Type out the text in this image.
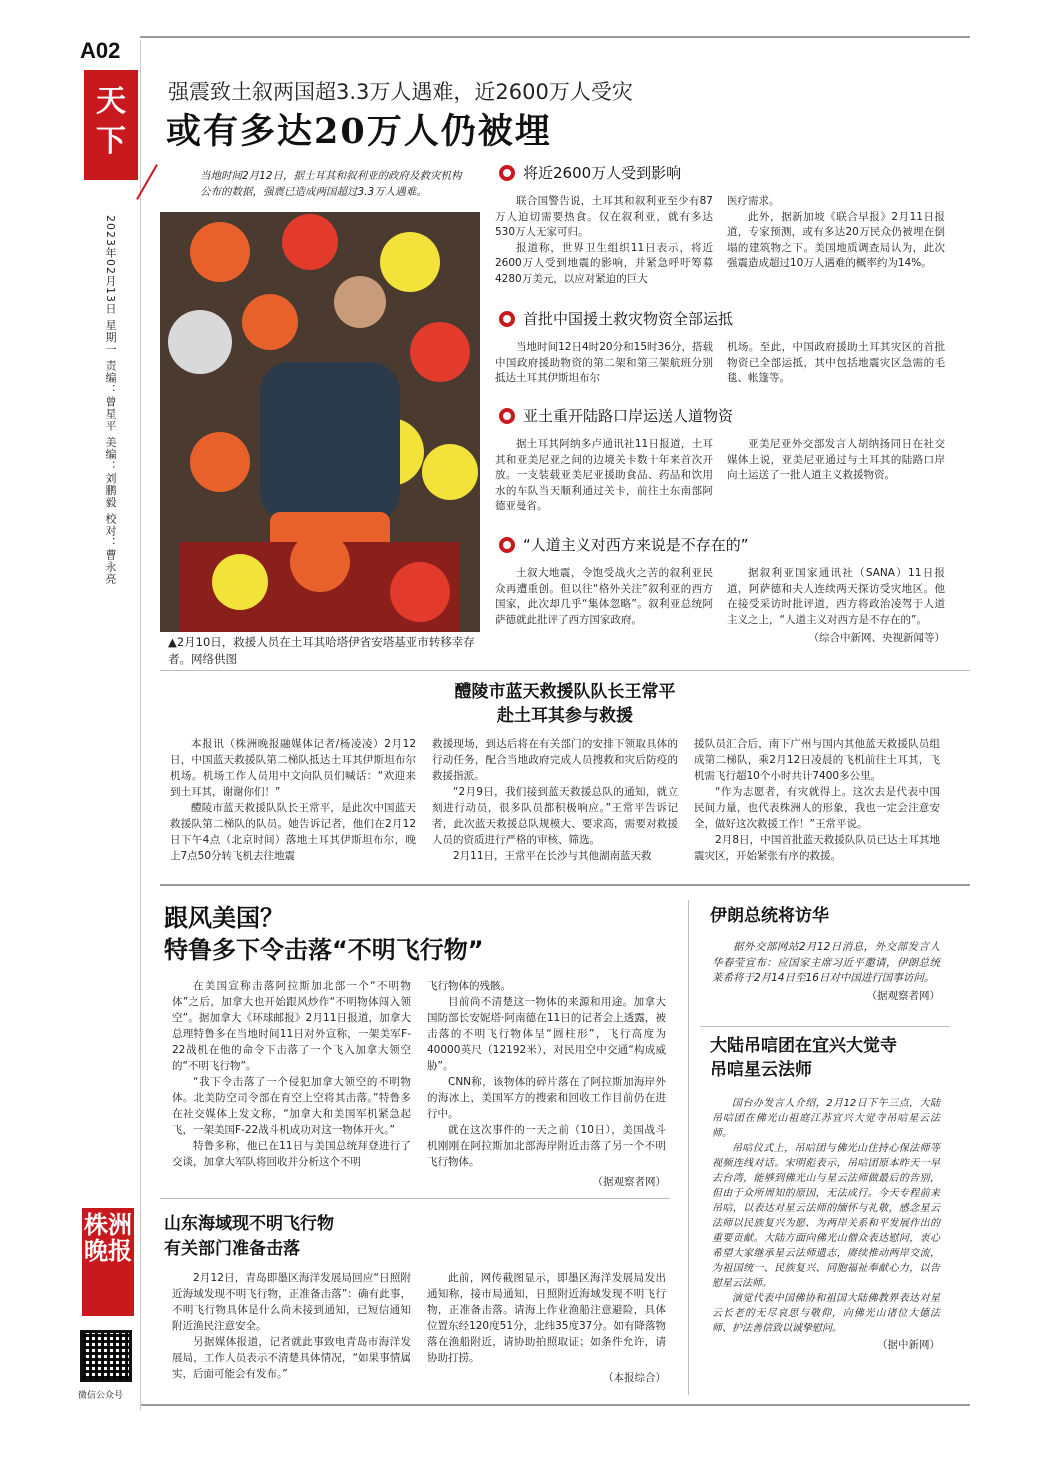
A02
天下
2023年02月13日 星期一 责编：曾星平 美编：刘鹏毅 校对：曹永亮
株洲晚报
微信公众号
强震致土叙两国超3.3万人遇难，近2600万人受灾
或有多达20万人仍被埋
当地时间2月12日，据土耳其和叙利亚的政府及救灾机构公布的数据，强震已造成两国超过3.3万人遇难。
▲2月10日，救援人员在土耳其哈塔伊省安塔基亚市转移幸存者。网络供图
将近2600万人受到影响

联合国警告说，土耳其和叙利亚至少有87万人迫切需要热食。仅在叙利亚，就有多达530万人无家可归。

报道称，世界卫生组织11日表示，将近2600万人受到地震的影响，并紧急呼吁筹募4280万美元，以应对紧迫的巨大

医疗需求。

此外，据新加坡《联合早报》2月11日报道，专家预测，或有多达20万民众仍被埋在倒塌的建筑物之下。美国地质调查局认为，此次强震造成超过10万人遇难的概率约为14%。

首批中国援土救灾物资全部运抵

当地时间12日4时20分和15时36分，搭载中国政府援助物资的第二架和第三架航班分别抵达土耳其伊斯坦布尔

机场。至此，中国政府援助土耳其灾区的首批物资已全部运抵，其中包括地震灾区急需的毛毯、帐篷等。

亚土重开陆路口岸运送人道物资

据土耳其阿纳多卢通讯社11日报道，土耳其和亚美尼亚之间的边境关卡数十年来首次开放。一支装载亚美尼亚援助食品、药品和饮用水的车队当天顺利通过关卡，前往土东南部阿德亚曼省。

亚美尼亚外交部发言人胡纳扬同日在社交媒体上说，亚美尼亚通过与土耳其的陆路口岸向土运送了一批人道主义救援物资。

“人道主义对西方来说是不存在的”

土叙大地震，令饱受战火之苦的叙利亚民众再遭重创。但以往“格外关注”叙利亚的西方国家，此次却几乎“集体忽略”。叙利亚总统阿萨德就此批评了西方国家政府。

据叙利亚国家通讯社（SANA）11日报道，阿萨德和夫人连续两天探访受灾地区。他在接受采访时批评道，西方将政治凌驾于人道主义之上，“人道主义对西方是不存在的”。

（综合中新网、央视新闻等）
醴陵市蓝天救援队队长王常平
赴土耳其参与救援

本报讯（株洲晚报融媒体记者/杨凌凌）2月12日，中国蓝天救援队第二梯队抵达土耳其伊斯坦布尔机场。机场工作人员用中文向队员们喊话：“欢迎来到土耳其，谢谢你们！”

醴陵市蓝天救援队队长王常平，是此次中国蓝天救援队第二梯队的队员。她告诉记者，他们在2月12日下午4点（北京时间）落地土耳其伊斯坦布尔，晚上7点50分转飞机去往地震

救援现场，到达后将在有关部门的安排下领取具体的行动任务，配合当地政府完成人员搜救和灾后防疫的救援指派。

“2月9日，我们接到蓝天救援总队的通知，就立刻进行动员，很多队员都积极响应。”王常平告诉记者，此次蓝天救援总队规模大、要求高，需要对救援人员的资质进行严格的审核、筛选。

2月11日，王常平在长沙与其他湖南蓝天救

援队员汇合后，南下广州与国内其他蓝天救援队员组成第二梯队，乘2月12日凌晨的飞机前往土耳其，飞机需飞行超10个小时共计7400多公里。

“作为志愿者，有灾就得上。这次去是代表中国民间力量，也代表株洲人的形象，我也一定会注意安全，做好这次救援工作！”王常平说。

2月8日，中国首批蓝天救援队队员已达土耳其地震灾区，开始紧张有序的救援。

跟风美国？
特鲁多下令击落“不明飞行物”

在美国宣称击落阿拉斯加北部一个“不明物体”之后，加拿大也开始跟风炒作“不明物体闯入领空”。据加拿大《环球邮报》2月11日报道，加拿大总理特鲁多在当地时间11日对外宣称，一架美军F-22战机在他的命令下击落了一个飞入加拿大领空的“不明飞行物”。

“我下令击落了一个侵犯加拿大领空的不明物体。北美防空司令部在育空上空将其击落。”特鲁多在社交媒体上发文称，“加拿大和美国军机紧急起飞，一架美国F-22战斗机成功对这一物体开火。”

特鲁多称，他已在11日与美国总统拜登进行了交谈，加拿大军队将回收并分析这个不明

飞行物体的残骸。

目前尚不清楚这一物体的来源和用途。加拿大国防部长安妮塔·阿南德在11日的记者会上透露，被击落的不明飞行物体呈“圆柱形”，飞行高度为40000英尺（12192米），对民用空中交通“构成威胁”。

CNN称，该物体的碎片落在了阿拉斯加海岸外的海冰上，美国军方的搜索和回收工作目前仍在进行中。

就在这次事件的一天之前（10日），美国战斗机刚刚在阿拉斯加北部海岸附近击落了另一个不明飞行物体。

（据观察者网）
山东海域现不明飞行物
有关部门准备击落

2月12日，青岛即墨区海洋发展局回应“日照附近海域发现不明飞行物，正准备击落”：确有此事，不明飞行物具体是什么尚未接到通知，已短信通知附近渔民注意安全。

另据媒体报道，记者就此事致电青岛市海洋发展局，工作人员表示不清楚具体情况，“如果事情属实，后面可能会有发布。”

此前，网传截图显示，即墨区海洋发展局发出通知称，接市局通知，日照附近海域发现不明飞行物，正准备击落。请海上作业渔船注意避险，具体位置东经120度51分，北纬35度37分。如有降落物落在渔船附近，请协助拍照取证；如条件允许，请协助打捞。

（本报综合）
伊朗总统将访华

据外交部网站2月12日消息，外交部发言人华春莹宣布：应国家主席习近平邀请，伊朗总统莱希将于2月14日至16日对中国进行国事访问。

（据观察者网）
大陆吊唁团在宜兴大觉寺
吊唁星云法师

国台办发言人介绍，2月12日下午三点，大陆吊唁团在佛光山祖庭江苏宜兴大觉寺吊唁星云法师。

吊唁仪式上，吊唁团与佛光山住持心保法师等视频连线对话。宋明彪表示，吊唁团原本昨天一早去台湾，能够到佛光山与星云法师做最后的告别，但由于众所周知的原因，无法成行。今天专程前来吊唁，以表达对星云法师的缅怀与礼敬，感念星云法师以民族复兴为愿、为两岸关系和平发展作出的重要贡献。大陆方面向佛光山僧众表达慰问，衷心希望大家继承星云法师遗志，赓续推动两岸交流，为祖国统一、民族复兴、同胞福祉奉献心力，以告慰星云法师。

演觉代表中国佛协和祖国大陆佛教界表达对星云长老的无尽哀思与敬仰，向佛光山诸位大德法师、护法善信致以诚挚慰问。

（据中新网）
